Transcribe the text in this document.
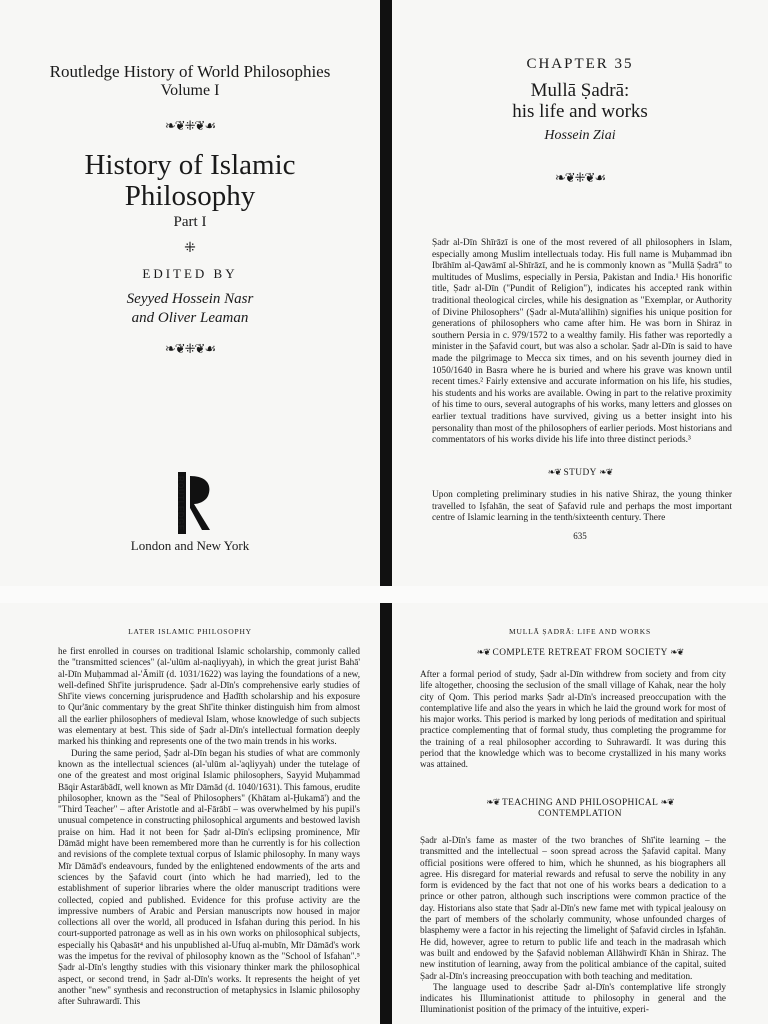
Routledge History of World Philosophies
Volume I
❧❦⁜❦☙
History of Islamic
Philosophy
Part I
⁜
EDITED BY
Seyyed Hossein Nasr
and Oliver Leaman
❧❦⁜❦☙
ROUTLEDGE
London and New York
CHAPTER 35
Mullā Ṣadrā:
his life and works
Hossein Ziai
❧❦⁜❦☙

Ṣadr al-Dīn Shīrāzī is one of the most revered of all philosophers in Islam, especially among Muslim intellectuals today. His full name is Muḥammad ibn Ibrāhīm al-Qawāmī al-Shīrāzī, and he is commonly known as "Mullā Ṣadrā" to multitudes of Muslims, especially in Persia, Pakistan and India.¹ His honorific title, Ṣadr al-Dīn ("Pundit of Religion"), indicates his accepted rank within traditional theological circles, while his designation as "Exemplar, or Authority of Divine Philosophers" (Ṣadr al-Muta'allihīn) signifies his unique position for generations of philosophers who came after him. He was born in Shiraz in southern Persia in c. 979/1572 to a wealthy family. His father was reportedly a minister in the Ṣafavid court, but was also a scholar. Ṣadr al-Dīn is said to have made the pilgrimage to Mecca six times, and on his seventh journey died in 1050/1640 in Basra where he is buried and where his grave was known until recent times.² Fairly extensive and accurate information on his life, his studies, his students and his works are available. Owing in part to the relative proximity of his time to ours, several autographs of his works, many letters and glosses on earlier textual traditions have survived, giving us a better insight into his personality than most of the philosophers of earlier periods. Most historians and commentators of his works divide his life into three distinct periods.³

❧❦ STUDY ❧❦

Upon completing preliminary studies in his native Shiraz, the young thinker travelled to Iṣfahān, the seat of Ṣafavid rule and perhaps the most important centre of Islamic learning in the tenth/sixteenth century. There

635
LATER ISLAMIC PHILOSOPHY

he first enrolled in courses on traditional Islamic scholarship, commonly called the "transmitted sciences" (al-'ulūm al-naqliyyah), in which the great jurist Bahā' al-Dīn Muḥammad al-'Āmilī (d. 1031/1622) was laying the foundations of a new, well-defined Shī'ite jurisprudence. Ṣadr al-Dīn's comprehensive early studies of Shī'ite views concerning jurisprudence and Ḥadīth scholarship and his exposure to Qur'ānic commentary by the great Shī'ite thinker distinguish him from almost all the earlier philosophers of medieval Islam, whose knowledge of such subjects was elementary at best. This side of Ṣadr al-Dīn's intellectual formation deeply marked his thinking and represents one of the two main trends in his works.

During the same period, Ṣadr al-Dīn began his studies of what are commonly known as the intellectual sciences (al-'ulūm al-'aqliyyah) under the tutelage of one of the greatest and most original Islamic philosophers, Sayyid Muḥammad Bāqir Astarābādī, well known as Mīr Dāmād (d. 1040/1631). This famous, erudite philosopher, known as the "Seal of Philosophers" (Khātam al-Ḥukamā') and the "Third Teacher" – after Aristotle and al-Fārābī – was overwhelmed by his pupil's unusual competence in constructing philosophical arguments and bestowed lavish praise on him. Had it not been for Ṣadr al-Dīn's eclipsing prominence, Mīr Dāmād might have been remembered more than he currently is for his collection and revisions of the complete textual corpus of Islamic philosophy. In many ways Mīr Dāmād's endeavours, funded by the enlightened endowments of the arts and sciences by the Ṣafavid court (into which he had married), led to the establishment of superior libraries where the older manuscript traditions were collected, copied and published. Evidence for this profuse activity are the impressive numbers of Arabic and Persian manuscripts now housed in major collections all over the world, all produced in Isfahan during this period. In his court-supported patronage as well as in his own works on philosophical subjects, especially his Qabasāt⁴ and his unpublished al-Ufuq al-mubīn, Mīr Dāmād's work was the impetus for the revival of philosophy known as the "School of Isfahan".⁵ Ṣadr al-Dīn's lengthy studies with this visionary thinker mark the philosophical aspect, or second trend, in Ṣadr al-Dīn's works. It represents the height of yet another "new" synthesis and reconstruction of metaphysics in Islamic philosophy after Suhrawardī. This

MULLĀ ṢADRĀ: LIFE AND WORKS
❧❦ COMPLETE RETREAT FROM SOCIETY ❧❦

After a formal period of study, Ṣadr al-Dīn withdrew from society and from city life altogether, choosing the seclusion of the small village of Kahak, near the holy city of Qom. This period marks Ṣadr al-Dīn's increased preoccupation with the contemplative life and also the years in which he laid the ground work for most of his major works. This period is marked by long periods of meditation and spiritual practice complementing that of formal study, thus completing the programme for the training of a real philosopher according to Suhrawardī. It was during this period that the knowledge which was to become crystallized in his many works was attained.

❧❦ TEACHING AND PHILOSOPHICAL ❧❦
CONTEMPLATION

Ṣadr al-Dīn's fame as master of the two branches of Shī'ite learning – the transmitted and the intellectual – soon spread across the Ṣafavid capital. Many official positions were offered to him, which he shunned, as his biographers all agree. His disregard for material rewards and refusal to serve the nobility in any form is evidenced by the fact that not one of his works bears a dedication to a prince or other patron, although such inscriptions were common practice of the day. Historians also state that Ṣadr al-Dīn's new fame met with typical jealousy on the part of members of the scholarly community, whose unfounded charges of blasphemy were a factor in his rejecting the limelight of Ṣafavid circles in Iṣfahān. He did, however, agree to return to public life and teach in the madrasah which was built and endowed by the Ṣafavid nobleman Allāhwirdī Khān in Shiraz. The new institution of learning, away from the political ambiance of the capital, suited Ṣadr al-Dīn's increasing preoccupation with both teaching and meditation.

The language used to describe Ṣadr al-Dīn's contemplative life strongly indicates his Illuminationist attitude to philosophy in general and the Illuminationist position of the primacy of the intuitive, experi-
